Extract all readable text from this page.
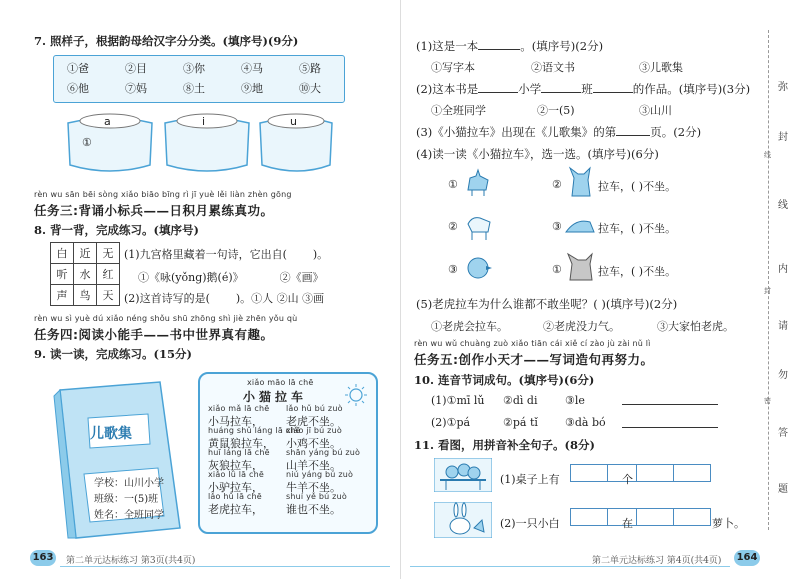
7. 照样子，根据韵母给汉字分分类。(填序号)(9分)
①爸	②目	③你	④马	⑤路
⑥他	⑦妈	⑧土	⑨地	⑩大
a	i	u
①
rèn wu sān bēi sòng xiǎo biāo bīng rì jī yuè lěi liàn zhèn gōng
任务三:背诵小标兵——日积月累练真功。
8. 背一背，完成练习。(填序号)
白	近	无
听	水	红
声	鸟	天
(1)九宫格里藏着一句诗，它出自( )。
①《咏(yǒng)鹅(é)》	②《画》
(2)这首诗写的是( )。①人 ②山 ③画
rèn wu sì yuè dú xiǎo néng shǒu shū zhōng shì jiè zhēn yǒu qù
任务四:阅读小能手——书中世界真有趣。
9. 读一读，完成练习。(15分)
儿歌集
学校：山川小学
班级：一(5)班
姓名：全班同学
xiǎo māo lā chē
小猫拉车
xiǎo mǎ lā chē lǎo hǔ bú zuò
小马拉车， 老虎不坐。
huáng shǔ láng lā chēxiǎo jī bú zuò
黄鼠狼拉车， 小鸡不坐。
huī láng lā chē shān yáng bú zuò
灰狼拉车， 山羊不坐。
xiǎo lǘ lā chē	niú yáng bú zuò
小驴拉车， 牛羊不坐。
lǎo hǔ lā chē	shuí yě bú zuò
老虎拉车， 谁也不坐。
163 第二单元达标练习 第3页(共4页)
(1)这是一本	。(填序号)(2分)
①写字本	②语文书	③儿歌集
(2)这本书是	小学	班	的作品。(填序号)(3分)
①全班同学	②一(5)	③山川
(3)《小猫拉车》出现在《儿歌集》的第	页。(2分)
(4)读一读《小猫拉车》，选一选。(填序号)(6分)
①	②	拉车，( )不坐。
②	③	拉车，( )不坐。
③	①	拉车，( )不坐。
(5)老虎拉车为什么谁都不敢坐呢？( )(填序号)(2分)
①老虎会拉车。	②老虎没力气。	③大家怕老虎。
rèn wu wǔ chuàng zuò xiǎo tiān cái xiě cí zào jù zài nǔ lì
任务五:创作小天才——写词造句再努力。
10. 连音节词成句。(填序号)(6分)
(1)①mī lǔ ②dì di	③le
(2)①pá	②pá tǐ ③dà bó
11. 看图，用拼音补全句子。(8分)
(1)桌子上有	个
(2)一只小白	在	萝卜。
第二单元达标练习 第4页(共4页) 164
弥
封
线
内
请
勿
答
题
线
封
密
